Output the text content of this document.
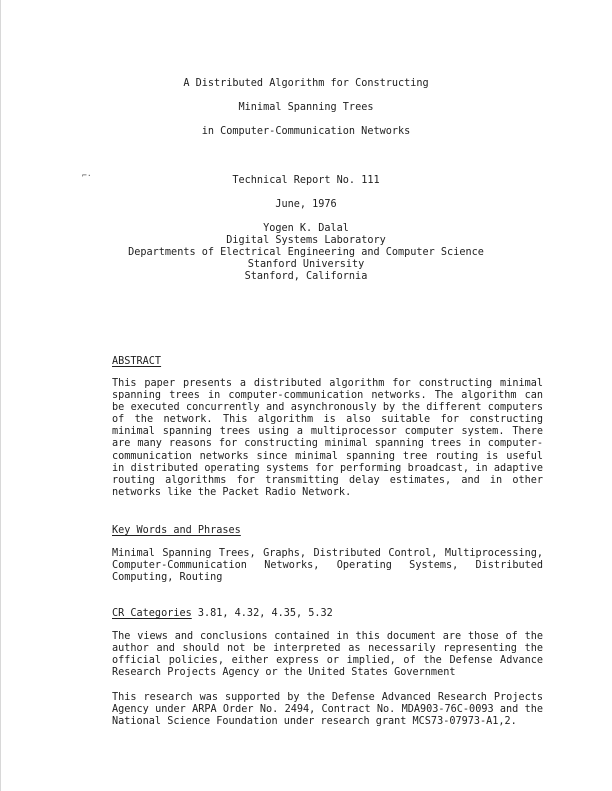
A Distributed Algorithm for Constructing
Minimal Spanning Trees
in Computer-Communication Networks
⌐·	Technical Report No. 111
June, 1976
Yogen K. Dalal
Digital Systems Laboratory
Departments of Electrical Engineering and Computer Science
Stanford University
Stanford, California
ABSTRACT
This paper presents a distributed algorithm for constructing minimal spanning trees in computer-communication networks. The algorithm can be executed concurrently and asynchronously by the different computers of the network. This algorithm is also suitable for constructing minimal spanning trees using a multiprocessor computer system. There are many reasons for constructing minimal spanning trees in computer-communication networks since minimal spanning tree routing is useful in distributed operating systems for performing broadcast, in adaptive routing algorithms for transmitting delay estimates, and in other networks like the Packet Radio Network.
Key Words and Phrases
Minimal Spanning Trees, Graphs, Distributed Control, Multiprocessing, Computer-Communication Networks, Operating Systems, Distributed Computing, Routing
CR Categories 3.81, 4.32, 4.35, 5.32
The views and conclusions contained in this document are those of the author and should not be interpreted as necessarily representing the official policies, either express or implied, of the Defense Advance Research Projects Agency or the United States Government
This research was supported by the Defense Advanced Research Projects Agency under ARPA Order No. 2494, Contract No. MDA903-76C-0093 and the National Science Foundation under research grant MCS73-07973-A1,2.
